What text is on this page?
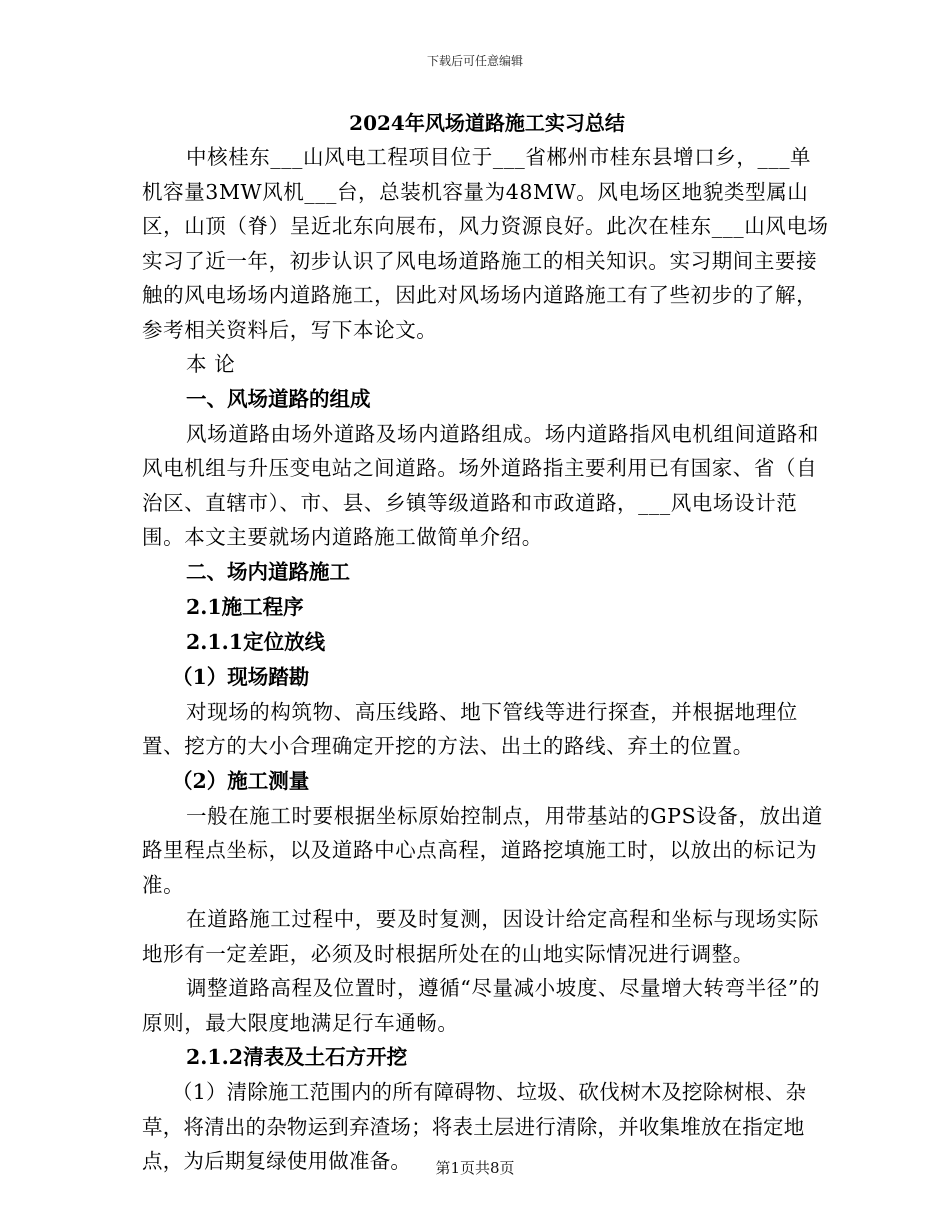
下载后可任意编辑
2024年风场道路施工实习总结

中核桂东___山风电工程项目位于___省郴州市桂东县增口乡，___单机容量3MW风机___台，总装机容量为48MW。风电场区地貌类型属山区，山顶（脊）呈近北东向展布，风力资源良好。此次在桂东___山风电场实习了近一年，初步认识了风电场道路施工的相关知识。实习期间主要接触的风电场场内道路施工，因此对风场场内道路施工有了些初步的了解，参考相关资料后，写下本论文。

本 论

一、风场道路的组成

风场道路由场外道路及场内道路组成。场内道路指风电机组间道路和风电机组与升压变电站之间道路。场外道路指主要利用已有国家、省（自治区、直辖市）、市、县、乡镇等级道路和市政道路，___风电场设计范围。本文主要就场内道路施工做简单介绍。

二、场内道路施工

2.1施工程序

2.1.1定位放线

（1）现场踏勘

对现场的构筑物、高压线路、地下管线等进行探查，并根据地理位置、挖方的大小合理确定开挖的方法、出土的路线、弃土的位置。

（2）施工测量

一般在施工时要根据坐标原始控制点，用带基站的GPS设备，放出道路里程点坐标，以及道路中心点高程，道路挖填施工时，以放出的标记为准。

在道路施工过程中，要及时复测，因设计给定高程和坐标与现场实际地形有一定差距，必须及时根据所处在的山地实际情况进行调整。

调整道路高程及位置时，遵循“尽量减小坡度、尽量增大转弯半径”的原则，最大限度地满足行车通畅。

2.1.2清表及土石方开挖

（1）清除施工范围内的所有障碍物、垃圾、砍伐树木及挖除树根、杂草，将清出的杂物运到弃渣场；将表土层进行清除，并收集堆放在指定地点，为后期复绿使用做准备。	第1页共8页
